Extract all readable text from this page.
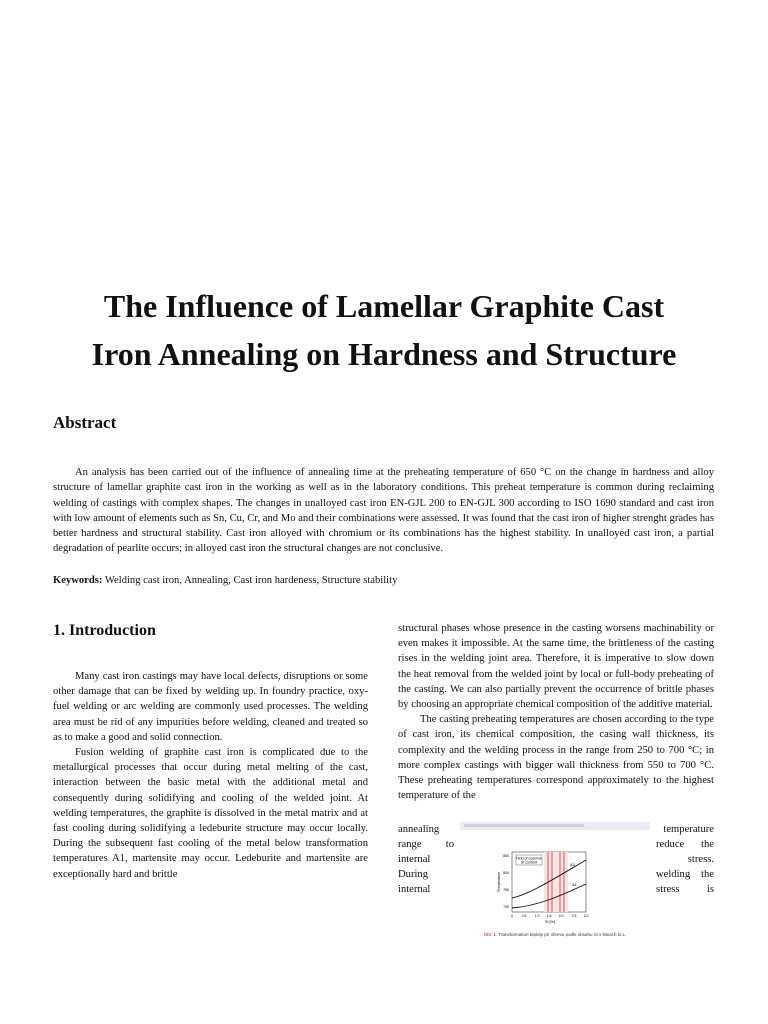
The Influence of Lamellar Graphite Cast
Iron Annealing on Hardness and Structure
Abstract

An analysis has been carried out of the influence of annealing time at the preheating temperature of 650 °C on the change in hardness and alloy structure of lamellar graphite cast iron in the working as well as in the laboratory conditions. This preheat temperature is common during reclaiming welding of castings with complex shapes. The changes in unalloyed cast iron EN-GJL 200 to EN-GJL 300 according to ISO 1690 standard and cast iron with low amount of elements such as Sn, Cu, Cr, and Mo and their combinations were assessed. It was found that the cast iron of higher strenght grades has better hardness and structural stability. Cast iron alloyed with chromium or its combinations has the highest stability. In unalloyed cast iron, a partial degradation of pearlite occurs; in alloyed cast iron the structural changes are not conclusive.

Keywords: Welding cast iron, Annealing, Cast iron hardeness, Structure stability

1. Introduction

Many cast iron castings may have local defects, disruptions or some other damage that can be fixed by welding up. In foundry practice, oxy-fuel welding or arc welding are commonly used processes. The welding area must be rid of any impurities before welding, cleaned and treated so as to make a good and solid connection.

Fusion welding of graphite cast iron is complicated due to the metallurgical processes that occur during metal melting of the cast, interaction between the basic metal with the additional metal and consequently during solidifying and cooling of the welded joint. At welding temperatures, the graphite is dissolved in the metal matrix and at fast cooling during solidifying a ledeburite structure may occur locally. During the subsequent fast cooling of the metal below transformation temperatures A1, martensite may occur. Ledeburite and martensite are exceptionally hard and brittle

structural phases whose presence in the casting worsens machinability or even makes it impossible. At the same time, the brittleness of the casting rises in the welding joint area. Therefore, it is imperative to slow down the heat removal from the welded joint by local or full-body preheating of the casting. We can also partially prevent the occurrence of brittle phases by choosing an appropriate chemical composition of the additive material.

The casting preheating temperatures are chosen according to the type of cast iron, its chemical composition, the casing wall thickness, its complexity and the welding process in the range from 250 to 700 °C; in more complex castings with bigger wall thickness from 550 to 700 °C. These preheating temperatures correspond approximately to the highest temperature of the

annealing
range to
internal
During
internal
temperature
reduce the
stress.
welding the
stress is
Field of common
Si content	A3
A1
850
800
750
700
0 0.5 1.0 1.5 2.0 2.5 3.0
Si [%]
Temperature
Obr. 1. Transformation teploty pri ohrevu podle obsahu Si v litinach G.L.
